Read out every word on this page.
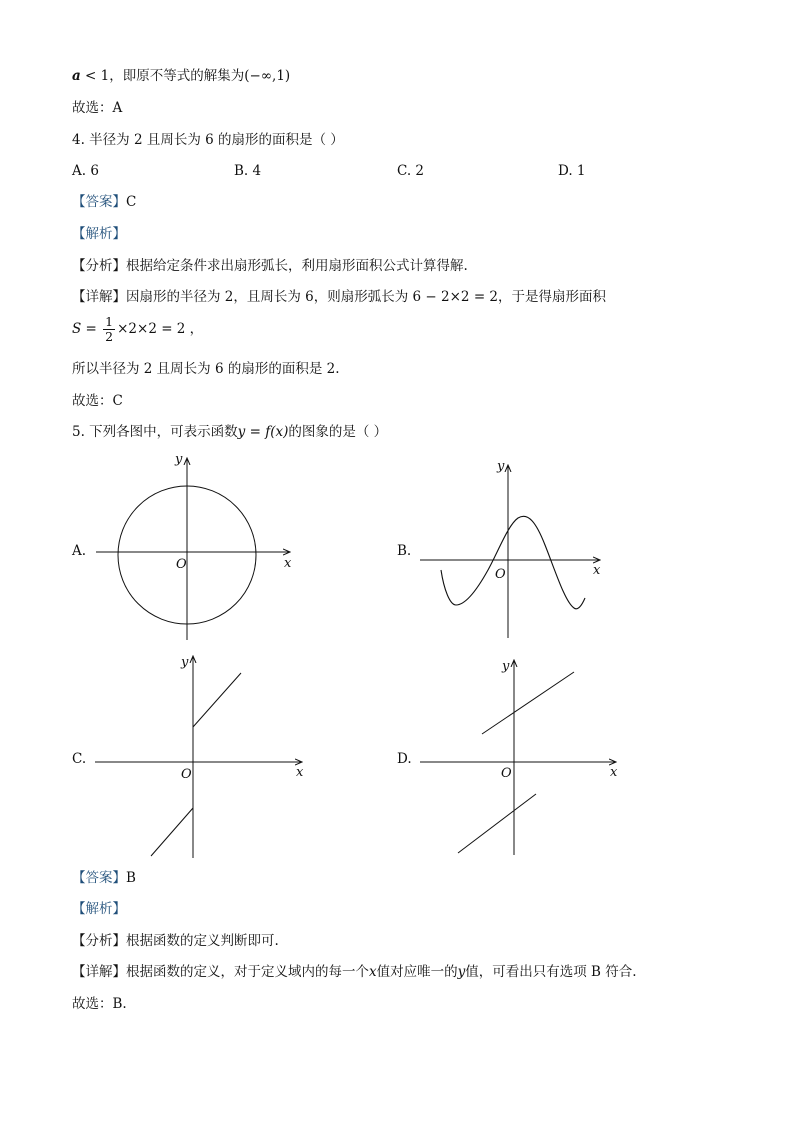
a < 1，即原不等式的解集为(−∞,1)
故选：A
4. 半径为 2 且周长为 6 的扇形的面积是（ ）
A. 6	B. 4	C. 2	D. 1
【答案】C
【解析】
【分析】根据给定条件求出扇形弧长，利用扇形面积公式计算得解.
【详解】因扇形的半径为 2，且周长为 6，则扇形弧长为 6 − 2×2 = 2，于是得扇形面积
$S = \frac{1}{2} \times 2\times 2 = 2$ ，
所以半径为 2 且周长为 6 的扇形的面积是 2.
故选：C
5. 下列各图中，可表示函数y = f(x)的图象的是（ ）
A.	B.
C.	D.
y
x
O
y
x
O
y
x
O
y
x
O
【答案】B
【解析】
【分析】根据函数的定义判断即可.
【详解】根据函数的定义，对于定义域内的每一个x值对应唯一的y值，可看出只有选项 B 符合.
故选：B.
